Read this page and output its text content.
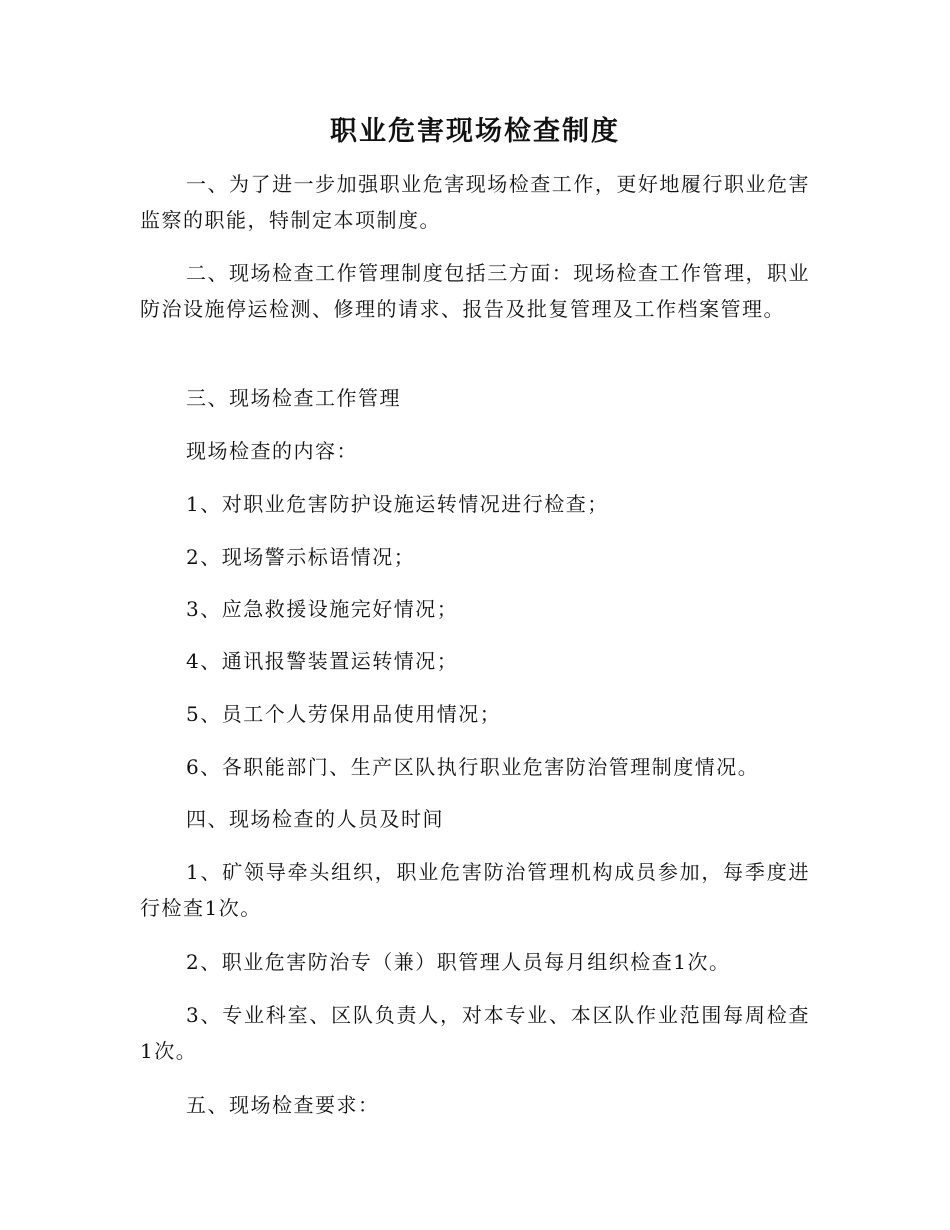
职业危害现场检查制度
一、为了进一步加强职业危害现场检查工作，更好地履行职业危害监察的职能，特制定本项制度。
二、现场检查工作管理制度包括三方面：现场检查工作管理，职业防治设施停运检测、修理的请求、报告及批复管理及工作档案管理。
三、现场检查工作管理
现场检查的内容：
1、对职业危害防护设施运转情况进行检查；
2、现场警示标语情况；
3、应急救援设施完好情况；
4、通讯报警装置运转情况；
5、员工个人劳保用品使用情况；
6、各职能部门、生产区队执行职业危害防治管理制度情况。
四、现场检查的人员及时间
1、矿领导牵头组织，职业危害防治管理机构成员参加，每季度进行检查1次。
2、职业危害防治专（兼）职管理人员每月组织检查1次。
3、专业科室、区队负责人，对本专业、本区队作业范围每周检查1次。
五、现场检查要求：
